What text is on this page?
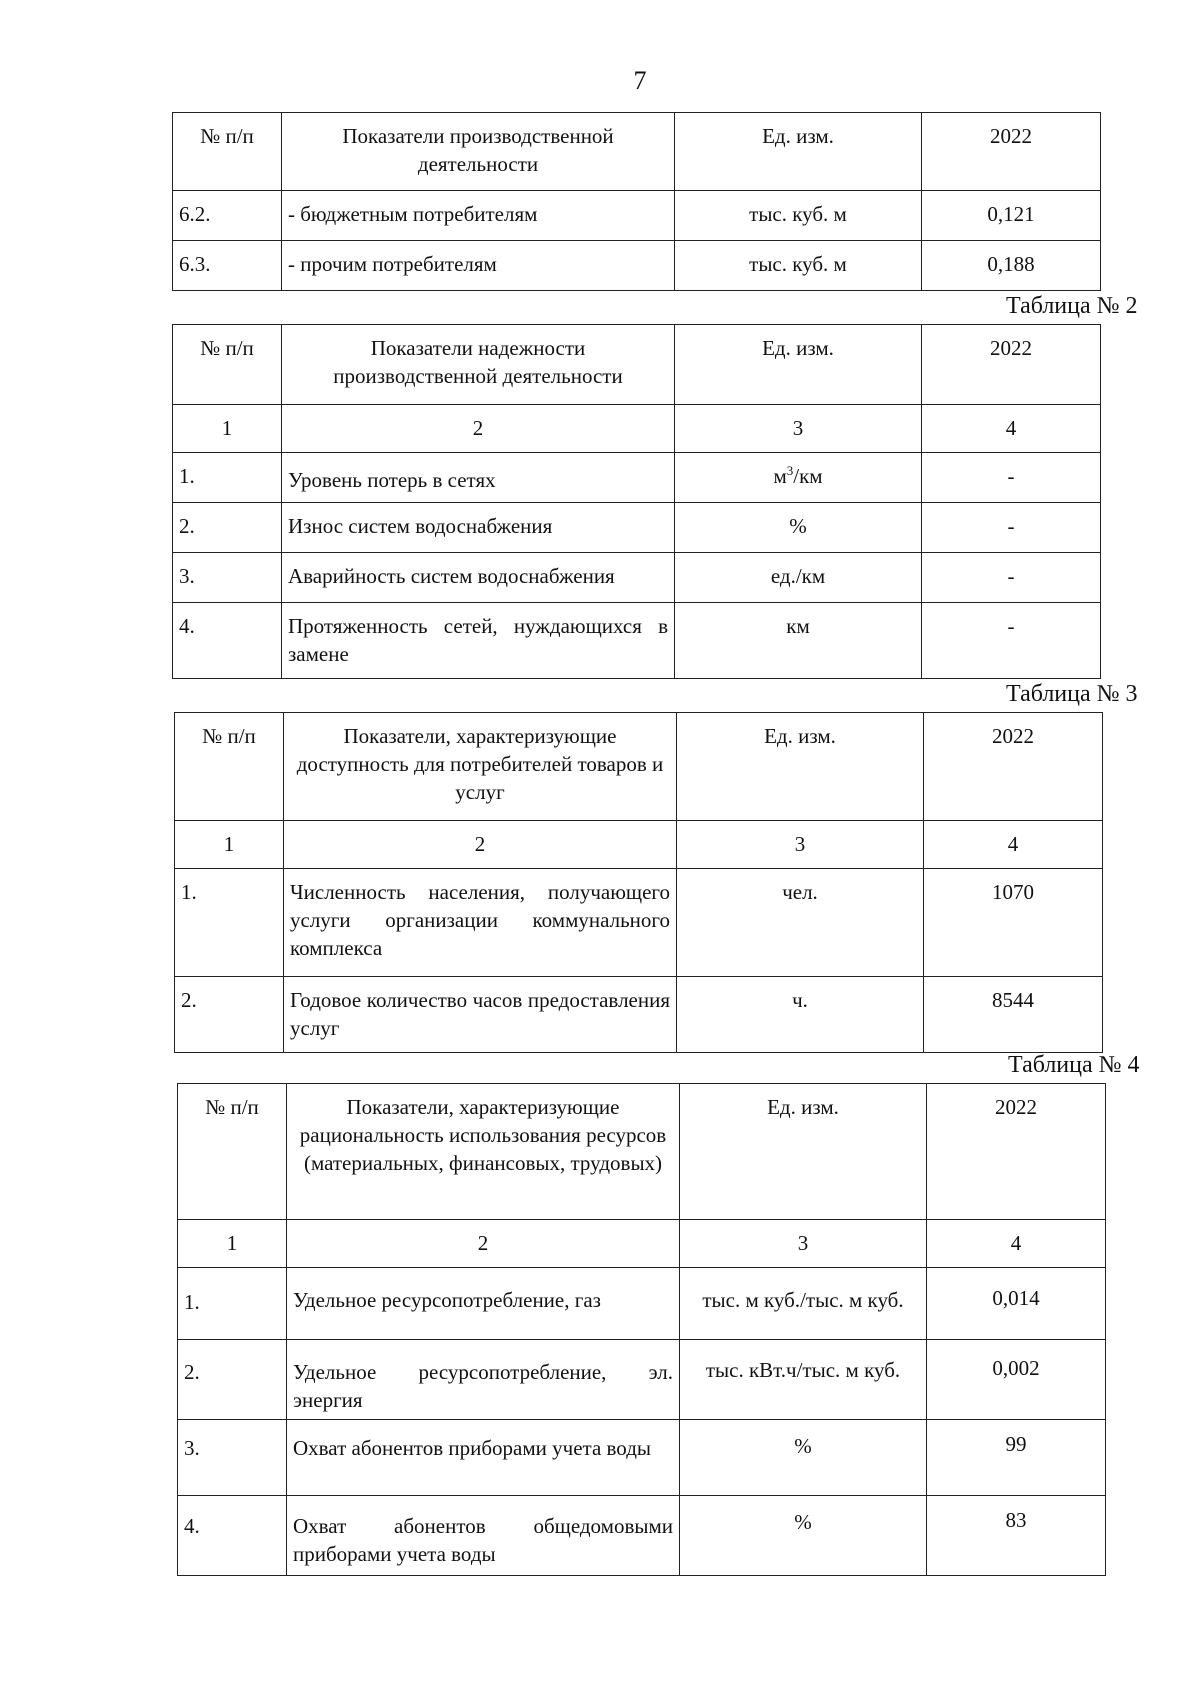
7
№ п/п	Показатели производственной деятельности	Ед. изм.	2022
6.2.	- бюджетным потребителям	тыс. куб. м	0,121
6.3.	- прочим потребителям	тыс. куб. м	0,188
Таблица № 2
№ п/п	Показатели надежности производственной деятельности	Ед. изм.	2022
1	2	3	4
1.	Уровень потерь в сетях	$м^3/км$	-
2.	Износ систем водоснабжения	%	-
3.	Аварийность систем водоснабжения	ед./км	-
4.	Протяженность сетей, нуждающихся в замене	км	-
Таблица № 3
№ п/п	Показатели, характеризующие доступность для потребителей товаров и услуг	Ед. изм.	2022
1	2	3	4
1.	Численность населения, получающего услуги организации коммунального комплекса	чел.	1070
2.	Годовое количество часов предоставления услуг	ч.	8544
Таблица № 4
№ п/п	Показатели, характеризующие рациональность использования ресурсов (материальных, финансовых, трудовых)	Ед. изм.	2022
1	2	3	4
1.	Удельное ресурсопотребление, газ	тыс. м куб./тыс. м куб.	0,014
2.	Удельное ресурсопотребление, эл. энергия	тыс. кВт.ч/тыс. м куб.	0,002
3.	Охват абонентов приборами учета воды	%	99
4.	Охват абонентов общедомовыми приборами учета воды	%	83
